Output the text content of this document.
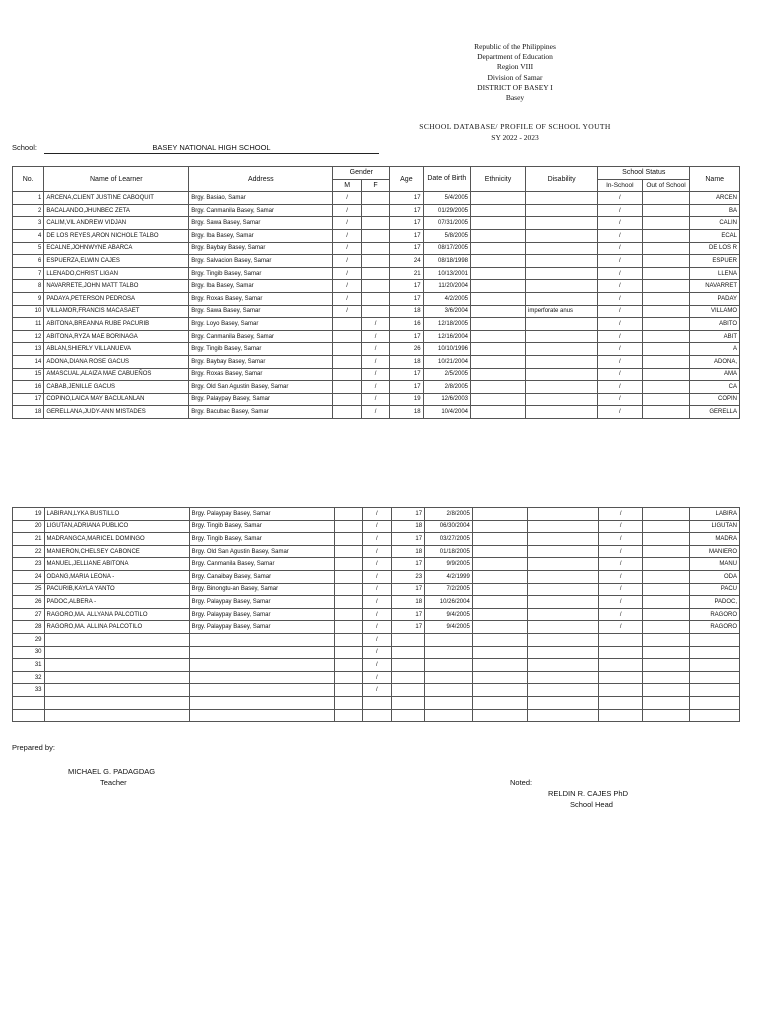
Republic of the Philippines
Department of Education
Region VIII
Division of Samar
DISTRICT OF BASEY I
Basey
SCHOOL DATABASE/ PROFILE OF SCHOOL YOUTH
SY 2022 - 2023
School:	BASEY NATIONAL HIGH SCHOOL
No.	Name of Learner	Address	Gender		Age	Date of Birth	Ethnicity	Disability	School Status		Name
			M	F					In-School	Out of School	
1	ARCENA,CLIENT JUSTINE CABOQUIT	Brgy. Basiao, Samar	/		17	5/4/2005			/		ARCEN
2	BACALANDO,JHUNBEC ZETA	Brgy. Canmanila Basey, Samar	/		17	01/29/2005			/		BA
3	CALIM,VIL ANDREW VIDJAN	Brgy. Sawa Basey, Samar	/		17	07/31/2005			/		CALIN
4	DE LOS REYES,ARON NICHOLE TALBO	Brgy. Iba Basey, Samar	/		17	5/8/2005			/		ECAL
5	ECALNE,JOHNWYNE ABARCA	Brgy. Baybay Basey, Samar	/		17	08/17/2005			/		DE LOS R
6	ESPUERZA,ELWIN CAJES	Brgy. Salvacion Basey, Samar	/		24	08/18/1998			/		ESPUER
7	LLENADO,CHRIST LIGAN	Brgy. Tingib Basey, Samar	/		21	10/13/2001			/		LLENA
8	NAVARRETE,JOHN MATT TALBO	Brgy. Iba Basey, Samar	/		17	11/20/2004			/		NAVARRET
9	PADAYA,PETERSON PEDROSA	Brgy. Roxas Basey, Samar	/		17	4/2/2005			/		PADAY
10	VILLAMOR,FRANCIS MACASAET	Brgy. Sawa Basey, Samar	/		18	3/6/2004		imperforate anus	/		VILLAMO
11	ABITONA,BREANNA RUBE PACURIB	Brgy. Loyo Basey, Samar		/	16	12/18/2005			/		ABITO
12	ABITONA,RYZA MAE BORINAGA	Brgy. Canmanila Basey, Samar		/	17	12/16/2004			/		ABIT
13	ABLAN,SHIERLY VILLANUEVA	Brgy. Tingib Basey, Samar		/	26	10/10/1996			/		A
14	ADONA,DIANA ROSE GACUS	Brgy. Baybay Basey, Samar		/	18	10/21/2004			/		ADONA,
15	AMASCUAL,ALAIZA MAE CABUEÑOS	Brgy. Roxas Basey, Samar		/	17	2/5/2005			/		AMA
16	CABAB,JENILLE GACUS	Brgy. Old San Agustin Basey, Samar		/	17	2/8/2005			/		CA
17	COPINO,LAICA MAY BACULANLAN	Brgy. Palaypay Basey, Samar		/	19	12/6/2003			/		COPIN
18	GERELLANA,JUDY-ANN MISTADES	Brgy. Bacubac Basey, Samar		/	18	10/4/2004			/		GERELLA
19	LABIRAN,LYKA BUSTILLO	Brgy. Palaypay Basey, Samar		/	17	2/8/2005			/		LABIRA
20	LIGUTAN,ADRIANA PUBLICO	Brgy. Tingib Basey, Samar		/	18	06/30/2004			/		LIGUTAN
21	MADRANGCA,MARICEL DOMINGO	Brgy. Tingib Basey, Samar		/	17	03/27/2005			/		MADRA
22	MANIERON,CHELSEY CABONCE	Brgy. Old San Agustin Basey, Samar		/	18	01/18/2005			/		MANIERO
23	MANUEL,JELLIANE ABITONA	Brgy. Canmanila Basey, Samar		/	17	9/9/2005			/		MANU
24	ODANG,MARIA LEONA -	Brgy. Canaibay Basey, Samar		/	23	4/2/1999			/		ODA
25	PACURIB,KAYLA YANTO	Brgy. Binongtu-an Basey, Samar		/	17	7/2/2005			/		PACU
26	PADOC,ALBERA -	Brgy. Palaypay Basey, Samar		/	18	10/26/2004			/		PADOC,
27	RAGORO,MA. ALLYANA PALCOTILO	Brgy. Palaypay Basey, Samar		/	17	9/4/2005			/		RAGORO
28	RAGORO,MA. ALLINA PALCOTILO	Brgy. Palaypay Basey, Samar		/	17	9/4/2005			/		RAGORO
29				/							
30				/							
31				/							
32				/							
33				/							

Prepared by:
MICHAEL G. PADAGDAG
Teacher	Noted:
RELDIN R. CAJES PhD
School Head
